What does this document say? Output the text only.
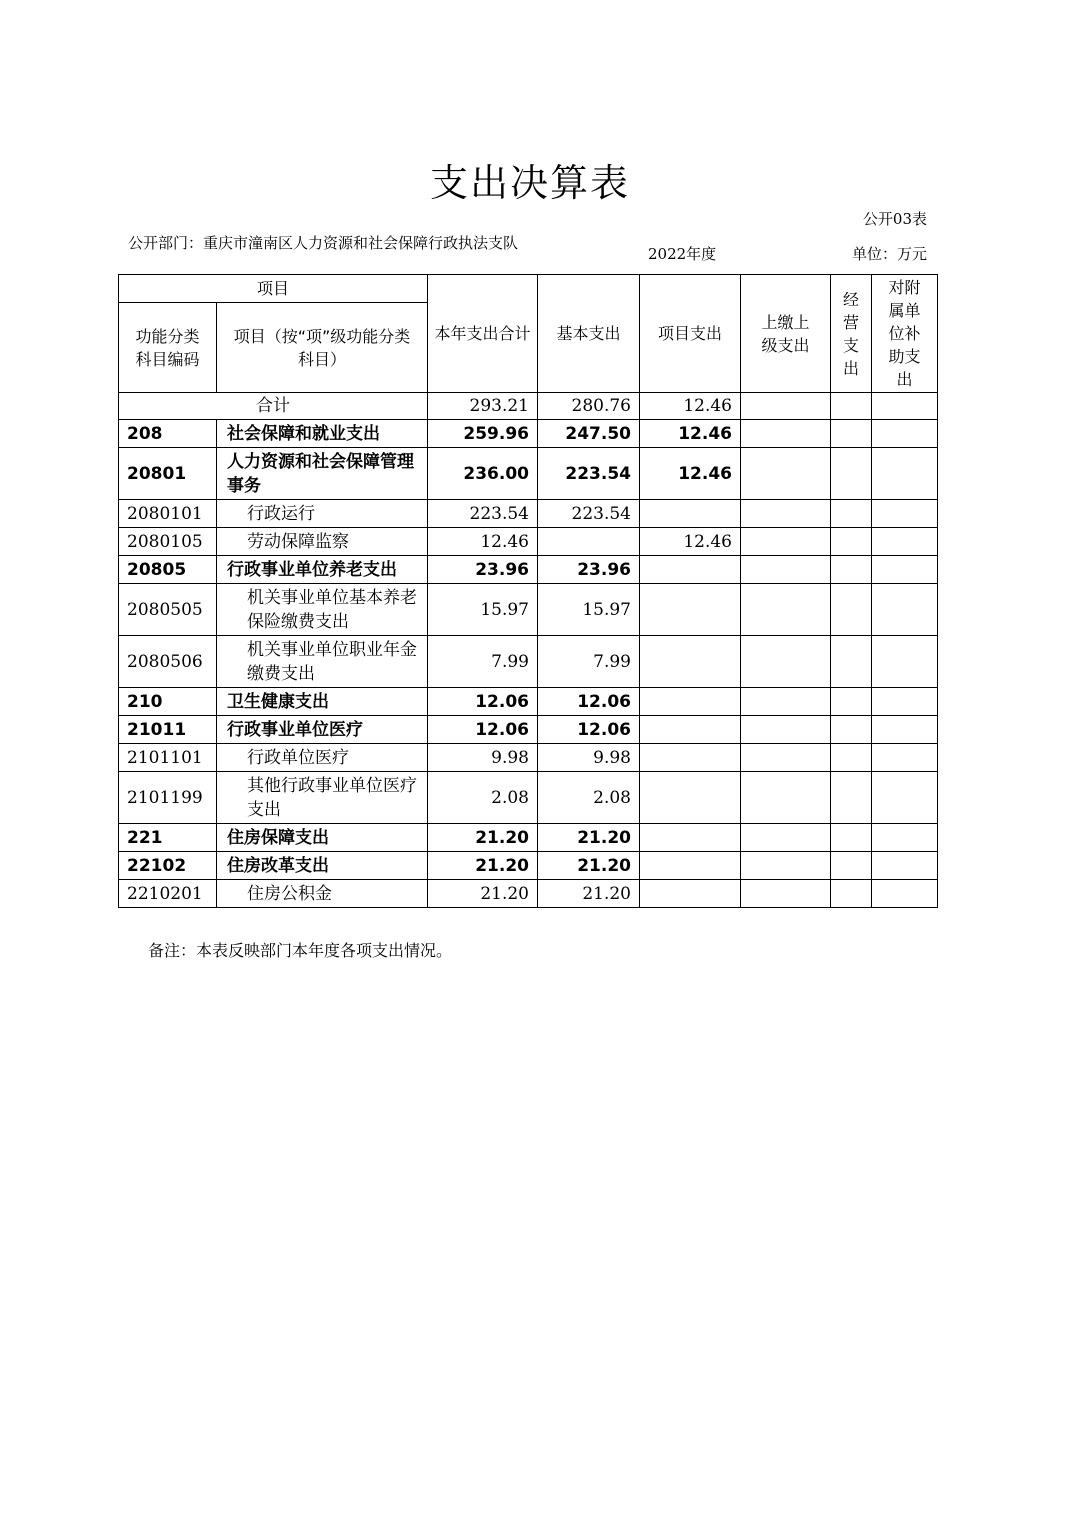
支出决算表
公开03表
公开部门：重庆市潼南区人力资源和社会保障行政执法支队
2022年度	单位：万元
项目		本年支出合计	基本支出	项目支出	上缴上级支出	经营支出	对附属单位补助支出
功能分类科目编码	项目（按“项”级功能分类科目）						
合计		293.21	280.76	12.46			
208	社会保障和就业支出	259.96	247.50	12.46			
20801	人力资源和社会保障管理事务	236.00	223.54	12.46			
2080101	行政运行	223.54	223.54				
2080105	劳动保障监察	12.46		12.46			
20805	行政事业单位养老支出	23.96	23.96				
2080505	机关事业单位基本养老保险缴费支出	15.97	15.97				
2080506	机关事业单位职业年金缴费支出	7.99	7.99				
210	卫生健康支出	12.06	12.06				
21011	行政事业单位医疗	12.06	12.06				
2101101	行政单位医疗	9.98	9.98				
2101199	其他行政事业单位医疗支出	2.08	2.08				
221	住房保障支出	21.20	21.20				
22102	住房改革支出	21.20	21.20				
2210201	住房公积金	21.20	21.20				
备注：本表反映部门本年度各项支出情况。
